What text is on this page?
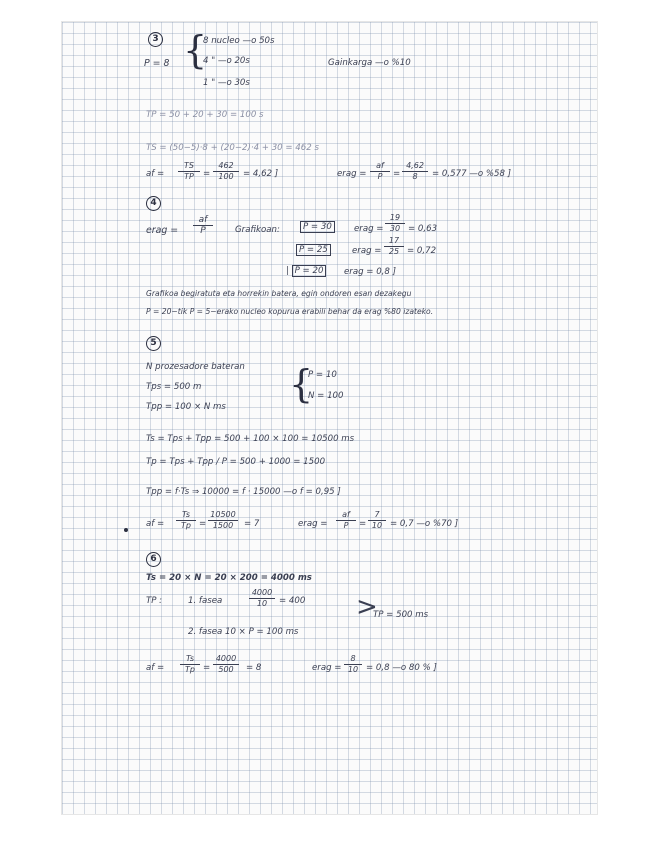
3
P = 8 {
8 nucleo —o 50s
4 " —o 20s
1 " —o 30s
Gainkarga —o %10
TP = 50 + 20 + 30 = 100 s
TS = (50−5)·8 + (20−2)·4 + 30 = 462 s
af = $\frac{TS}{TP} = \frac{462}{100} = 4,62$ ]	erag = $\frac{af}{P} = \frac{4,62}{8} = 0,577$ —o %58 ]
4
erag = $\frac{af}{P}$	Grafikoan:	P = 30	erag = $\frac{19}{30} = 0,63$
P = 25	erag = $\frac{17}{25} = 0,72$
| P = 20	erag = 0,8 ]
Grafikoa begiratuta eta horrekin batera, egin ondoren esan dezakegu
P = 20−tik P = 5−erako nucleo kopurua erabili behar da erag %80 izateko.
5
N prozesadore bateran
Tps = 500 m
Tpp = 100 × N ms
{
P = 10
N = 100
Ts = Tps + Tpp = 500 + 100 × 100 = 10500 ms
Tp = Tps + Tpp / P = 500 + 1000 = 1500
Tpp = f·Ts ⇒ 10000 = f · 15000 —o f = 0,95 ]
af = $\frac{Ts}{Tp} = \frac{10500}{1500} = 7$	erag = $\frac{af}{P} = \frac{7}{10} = 0,7$ —o %70 ]
6
Ts = 20 × N = 20 × 200 = 4000 ms
TP :	1. fasea	$\frac{4000}{10} = 400$ >
TP = 500 ms
2. fasea 10 × P = 100 ms
af = $\frac{Ts}{Tp} = \frac{4000}{500} = 8$	erag = $\frac{8}{10} = 0,8$ —o 80 % ]
